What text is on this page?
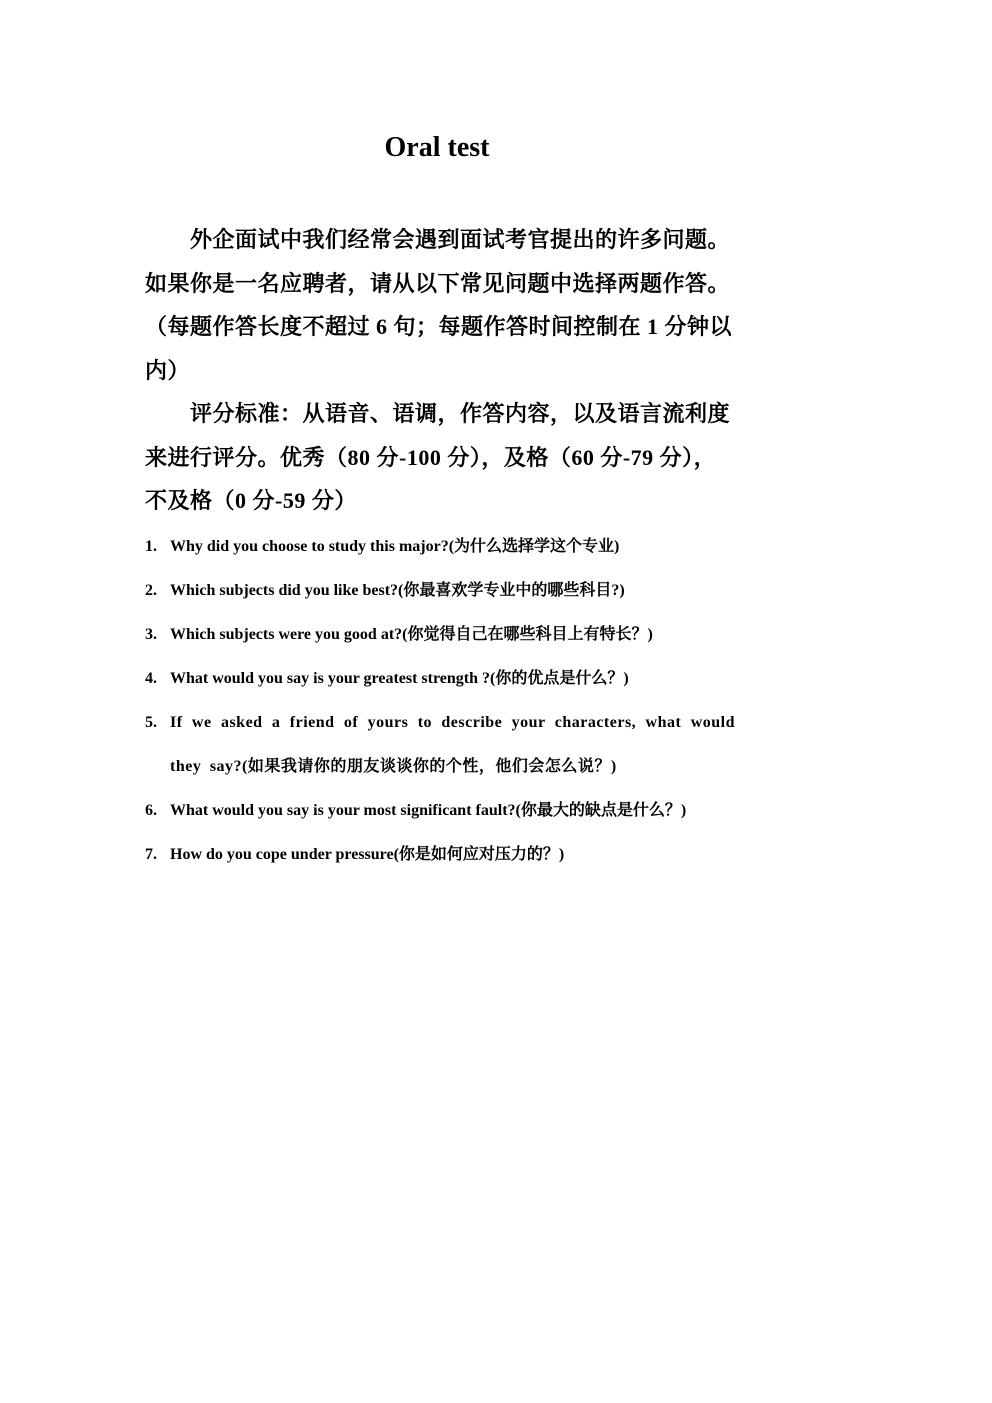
Oral test

外企面试中我们经常会遇到面试考官提出的许多问题。如果你是一名应聘者，请从以下常见问题中选择两题作答。（每题作答长度不超过 6 句；每题作答时间控制在 1 分钟以内）

评分标准：从语音、语调，作答内容，以及语言流利度来进行评分。优秀（80 分-100 分），及格（60 分-79 分），不及格（0 分-59 分）

1. Why did you choose to study this major?(为什么选择学这个专业)
2. Which subjects did you like best?(你最喜欢学专业中的哪些科目?)
3. Which subjects were you good at?(你觉得自己在哪些科目上有特长？)
4. What would you say is your greatest strength ?(你的优点是什么？)
5. If we asked a friend of yours to describe your characters, what would they say?(如果我请你的朋友谈谈你的个性，他们会怎么说？)
6. What would you say is your most significant fault?(你最大的缺点是什么？)
7. How do you cope under pressure(你是如何应对压力的？)
